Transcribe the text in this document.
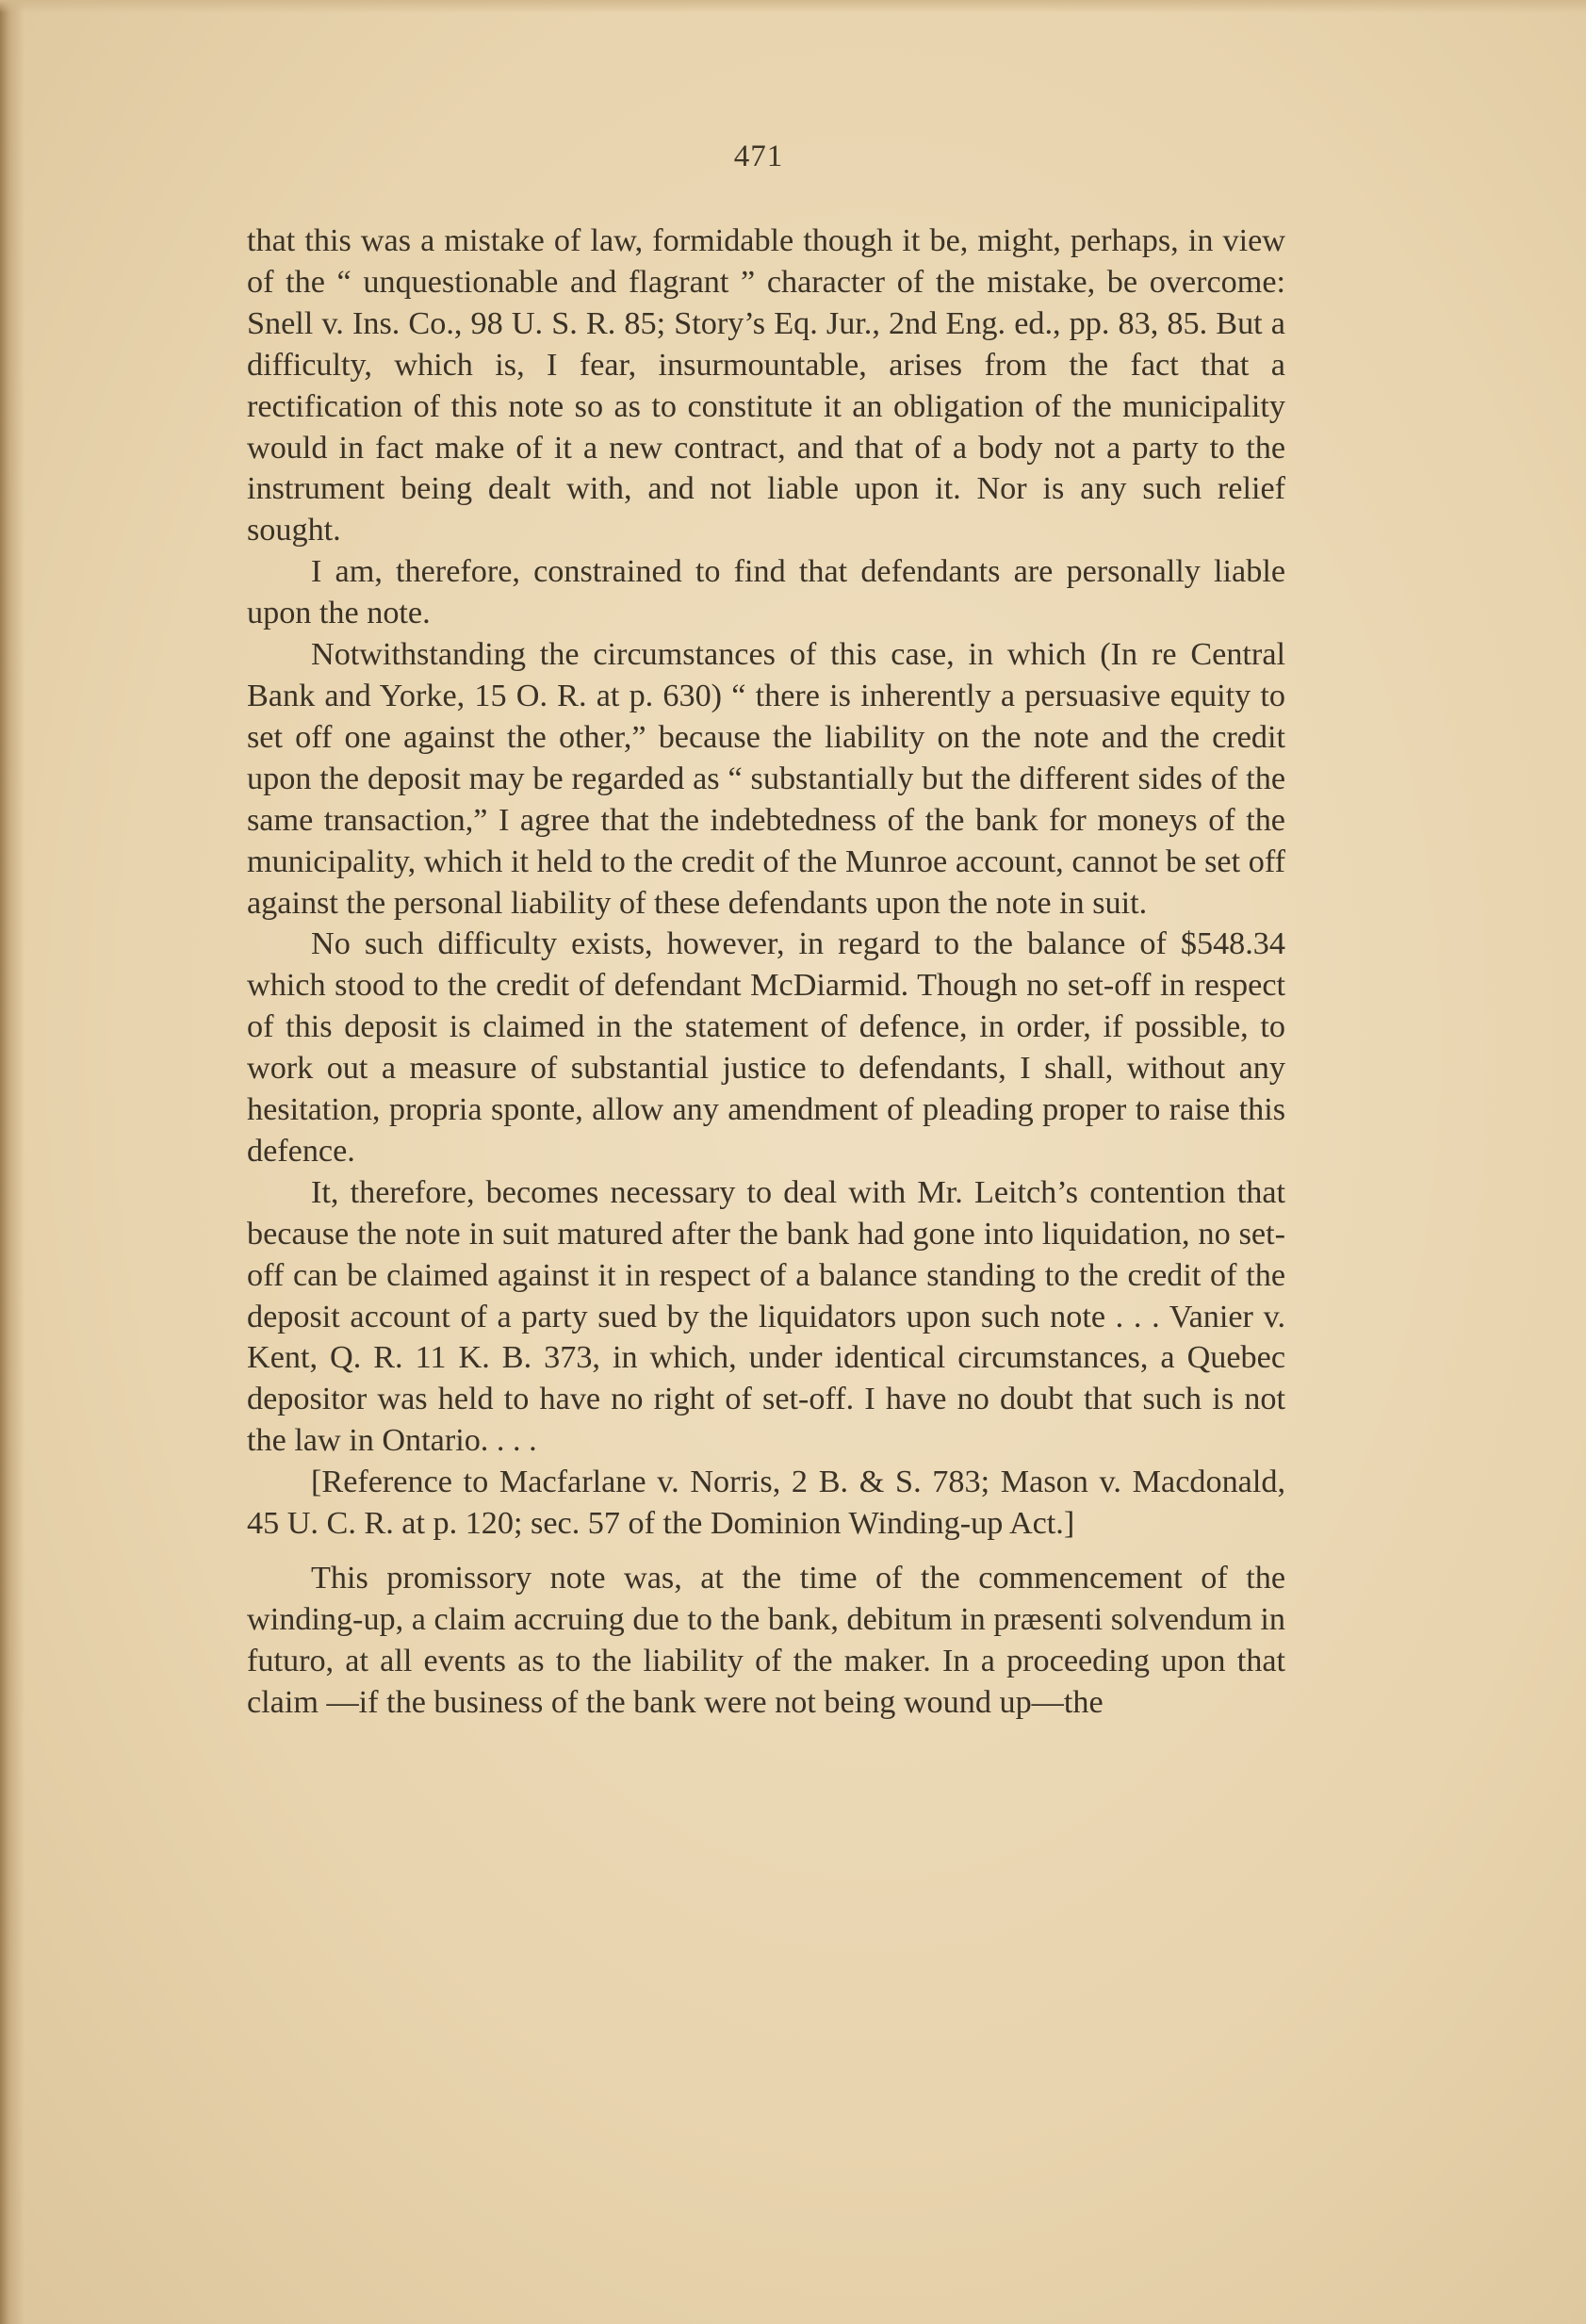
471

that this was a mistake of law, formidable though it be, might, perhaps, in view of the “ unquestionable and flagrant ” character of the mistake, be overcome: Snell v. Ins. Co., 98 U. S. R. 85; Story’s Eq. Jur., 2nd Eng. ed., pp. 83, 85. But a difficulty, which is, I fear, insurmountable, arises from the fact that a rectification of this note so as to constitute it an obligation of the municipality would in fact make of it a new contract, and that of a body not a party to the instrument being dealt with, and not liable upon it. Nor is any such relief sought.

I am, therefore, constrained to find that defendants are personally liable upon the note.

Notwithstanding the circumstances of this case, in which (In re Central Bank and Yorke, 15 O. R. at p. 630) “ there is inherently a persuasive equity to set off one against the other,” because the liability on the note and the credit upon the deposit may be regarded as “ substantially but the different sides of the same transaction,” I agree that the indebtedness of the bank for moneys of the municipality, which it held to the credit of the Munroe account, cannot be set off against the personal liability of these defendants upon the note in suit.

No such difficulty exists, however, in regard to the balance of $548.34 which stood to the credit of defendant McDiarmid. Though no set-off in respect of this deposit is claimed in the statement of defence, in order, if possible, to work out a measure of substantial justice to defendants, I shall, without any hesitation, propria sponte, allow any amendment of pleading proper to raise this defence.

It, therefore, becomes necessary to deal with Mr. Leitch’s contention that because the note in suit matured after the bank had gone into liquidation, no set-off can be claimed against it in respect of a balance standing to the credit of the deposit account of a party sued by the liquidators upon such note . . . Vanier v. Kent, Q. R. 11 K. B. 373, in which, under identical circumstances, a Quebec depositor was held to have no right of set-off. I have no doubt that such is not the law in Ontario. . . .

[Reference to Macfarlane v. Norris, 2 B. & S. 783; Mason v. Macdonald, 45 U. C. R. at p. 120; sec. 57 of the Dominion Winding-up Act.]

This promissory note was, at the time of the commencement of the winding-up, a claim accruing due to the bank, debitum in præsenti solvendum in futuro, at all events as to the liability of the maker. In a proceeding upon that claim —if the business of the bank were not being wound up—the
